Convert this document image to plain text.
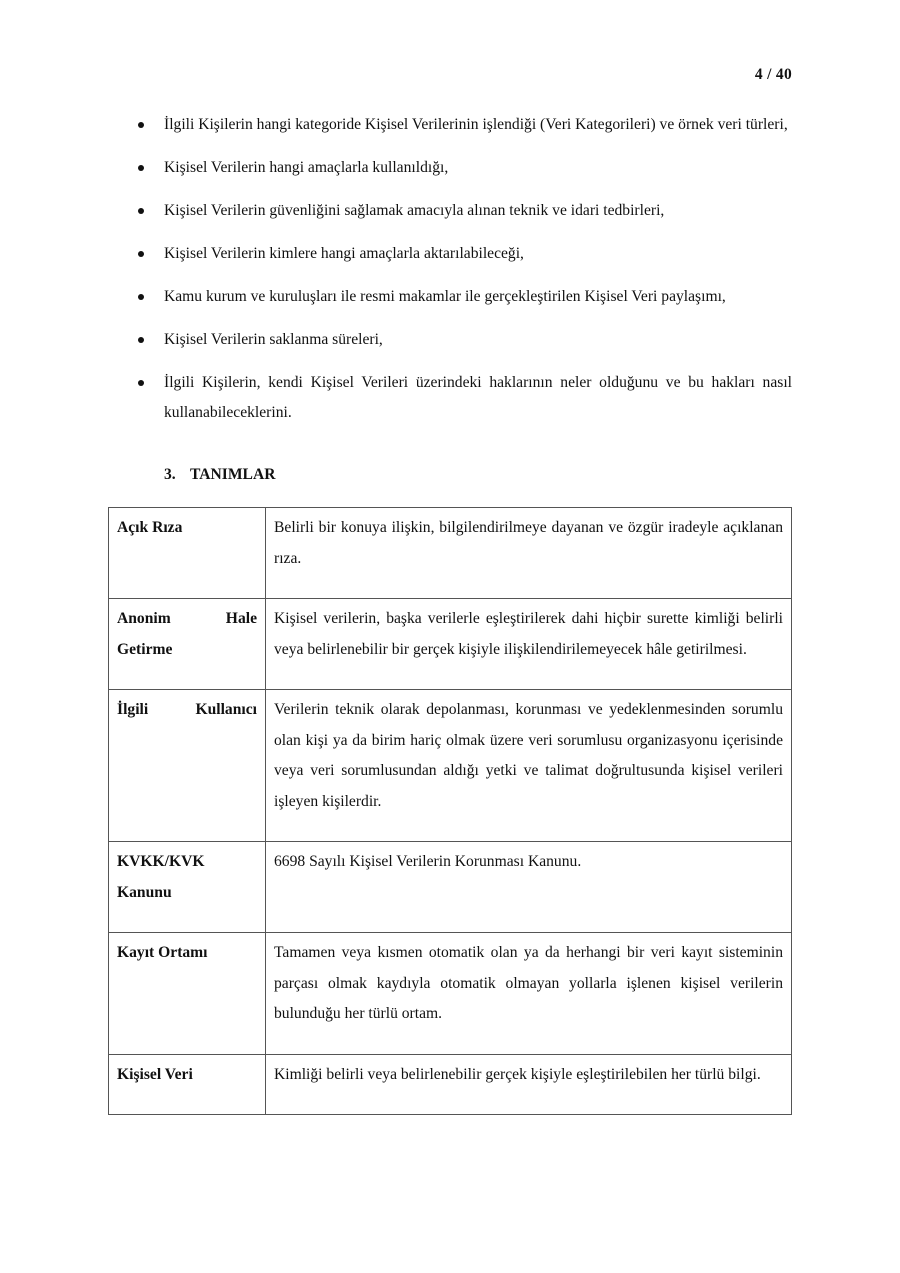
4 / 40
İlgili Kişilerin hangi kategoride Kişisel Verilerinin işlendiği (Veri Kategorileri) ve örnek veri türleri,
Kişisel Verilerin hangi amaçlarla kullanıldığı,
Kişisel Verilerin güvenliğini sağlamak amacıyla alınan teknik ve idari tedbirleri,
Kişisel Verilerin kimlere hangi amaçlarla aktarılabileceği,
Kamu kurum ve kuruluşları ile resmi makamlar ile gerçekleştirilen Kişisel Veri paylaşımı,
Kişisel Verilerin saklanma süreleri,
İlgili Kişilerin, kendi Kişisel Verileri üzerindeki haklarının neler olduğunu ve bu hakları nasıl kullanabileceklerini.
3. TANIMLAR
Açık Rıza	Belirli bir konuya ilişkin, bilgilendirilmeye dayanan ve özgür iradeyle açıklanan rıza.
Anonim Hale Getirme	Kişisel verilerin, başka verilerle eşleştirilerek dahi hiçbir surette kimliği belirli veya belirlenebilir bir gerçek kişiyle ilişkilendirilemeyecek hâle getirilmesi.
İlgili Kullanıcı	Verilerin teknik olarak depolanması, korunması ve yedeklenmesinden sorumlu olan kişi ya da birim hariç olmak üzere veri sorumlusu organizasyonu içerisinde veya veri sorumlusundan aldığı yetki ve talimat doğrultusunda kişisel verileri işleyen kişilerdir.
KVKK/KVK Kanunu	6698 Sayılı Kişisel Verilerin Korunması Kanunu.
Kayıt Ortamı	Tamamen veya kısmen otomatik olan ya da herhangi bir veri kayıt sisteminin parçası olmak kaydıyla otomatik olmayan yollarla işlenen kişisel verilerin bulunduğu her türlü ortam.
Kişisel Veri	Kimliği belirli veya belirlenebilir gerçek kişiyle eşleştirilebilen her türlü bilgi.
